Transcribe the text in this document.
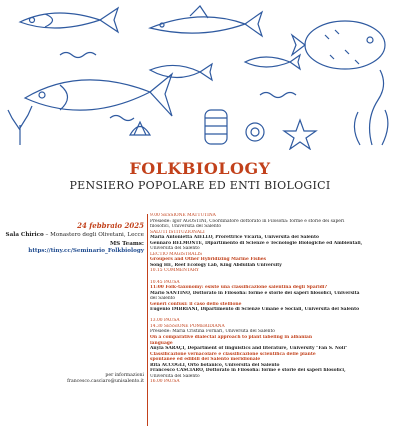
FOLKBIOLOGY
PENSIERO POPOLARE ED ENTI BIOLOGICI
24 febbraio 2025
Sala Chirico – Monastero degli Olivetani, Lecce
MS Teams: https://tiny.cc/Seminario_Folkbiology
per informazioni
francesco.casciaro@unisalento.it
9.00 SESSIONE MATTUTINA
Presiede: Igor AGOSTINI, Coordinatore dottorato in Filosofia: forme e storie dei saperi
filosofici, Università del Salento
SALUTI ISTITUZIONALI
Maria Antonietta AIELLO, Prorettrice Vicaria, Università del Salento
Gennaro BELMONTE, Dipartimento di Scienze e Tecnologie Biologiche ed Ambientali,
Università del Salento
LECTIO MAGISTRALIS
Groupers and Other Hybridizing Marine Fishes
Song HE, Reef Ecology Lab, King Abdullah University
10.15 COMMENTARY

10.45 PAUSA
11:00 Folk–taxonomy: esiste una classificazione salentina degli Sparidi?
Mario SANTINO, Dottorato in Filosofia: forme e storie dei saperi filosofici, Università
del Salento
Generi confusi: il caso dello stellione
Eugenio IMBRIANI, Dipartimento di Scienze Umane e Sociali, Università del Salento

13.00 PAUSA
14.30 SESSIONE POMERIDIANA
Presiede: Maria Cristina Fornari, Università del Salento
On a comparative dialectal approach to plant labeling in albanian
language
Anyla SARAÇI, Department of linguistics and literature, University "Fan S. Noli"
Classificazione vernacolare e classificazione scientifica delle piante
spontanee ed edibili del Salento meridionale
Rita ACCOGLI, Orto botanico, Università del Salento
Francesco CASCIARO, Dottorato in Filosofia: forme e storie dei saperi filosofici,
Università del Salento
16.00 PAUSA
